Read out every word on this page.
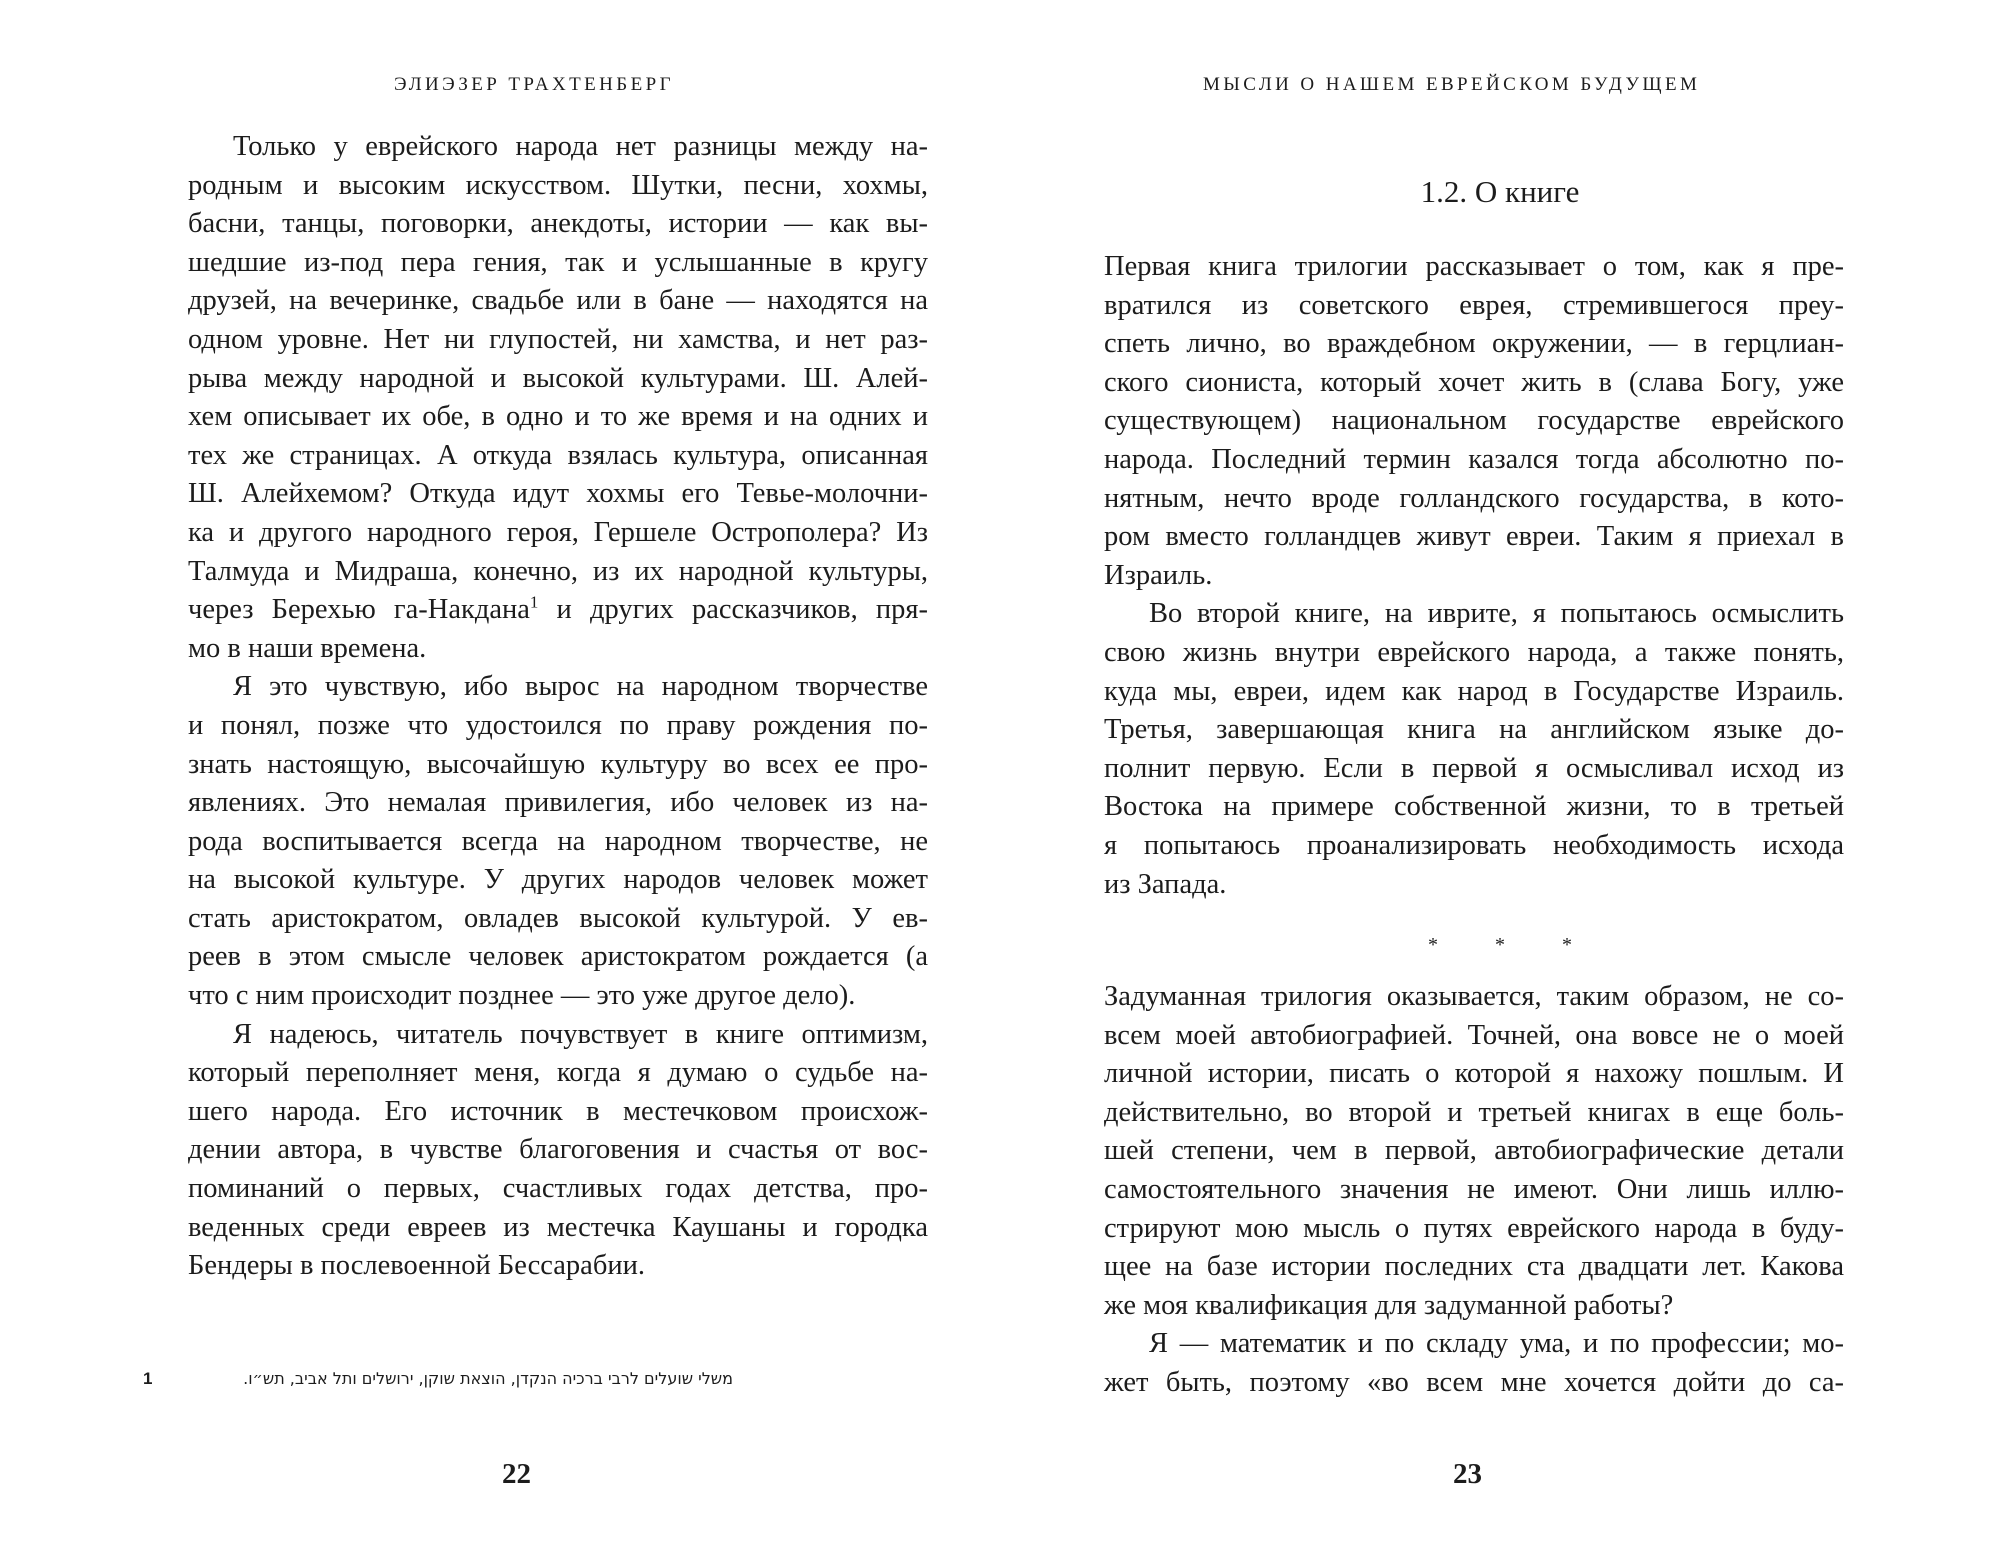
ЭЛИЭЗЕР ТРАХТЕНБЕРГ

Только у еврейского народа нет разницы между на-
родным и высоким искусством. Шутки, песни, хохмы,
басни, танцы, поговорки, анекдоты, истории — как вы-
шедшие из-под пера гения, так и услышанные в кругу
друзей, на вечеринке, свадьбе или в бане — находятся на
одном уровне. Нет ни глупостей, ни хамства, и нет раз-
рыва между народной и высокой культурами. Ш. Алей-
хем описывает их обе, в одно и то же время и на одних и
тех же страницах. А откуда взялась культура, описанная
Ш. Алейхемом? Откуда идут хохмы его Тевье-молочни-
ка и другого народного героя, Гершеле Острополера? Из
Талмуда и Мидраша, конечно, из их народной культуры,
через Берехью га-Накдана$^1$ и других рассказчиков, пря-
мо в наши времена.

Я это чувствую, ибо вырос на народном творчестве
и понял, позже что удостоился по праву рождения по-
знать настоящую, высочайшую культуру во всех ее про-
явлениях. Это немалая привилегия, ибо человек из на-
рода воспитывается всегда на народном творчестве, не
на высокой культуре. У других народов человек может
стать аристократом, овладев высокой культурой. У ев-
реев в этом смысле человек аристократом рождается (а
что с ним происходит позднее — это уже другое дело).

Я надеюсь, читатель почувствует в книге оптимизм,
который переполняет меня, когда я думаю о судьбе на-
шего народа. Его источник в местечковом происхож-
дении автора, в чувстве благоговения и счастья от вос-
поминаний о первых, счастливых годах детства, про-
веденных среди евреев из местечка Каушаны и городка
Бендеры в послевоенной Бессарабии.

1	משלי שועלים לרבי ברכיה הנקדן, הוצאת שוקן, ירושלים ותל אביב, תש״ו.
22
МЫСЛИ О НАШЕМ ЕВРЕЙСКОМ БУДУЩЕМ
1.2. О книге

Первая книга трилогии рассказывает о том, как я пре-
вратился из советского еврея, стремившегося преу-
спеть лично, во враждебном окружении, — в герцлиан-
ского сиониста, который хочет жить в (слава Богу, уже
существующем) национальном государстве еврейского
народа. Последний термин казался тогда абсолютно по-
нятным, нечто вроде голландского государства, в кото-
ром вместо голландцев живут евреи. Таким я приехал в
Израиль.

Во второй книге, на иврите, я попытаюсь осмыслить
свою жизнь внутри еврейского народа, а также понять,
куда мы, евреи, идем как народ в Государстве Израиль.
Третья, завершающая книга на английском языке до-
полнит первую. Если в первой я осмысливал исход из
Востока на примере собственной жизни, то в третьей
я попытаюсь проанализировать необходимость исхода
из Запада.

* * *

Задуманная трилогия оказывается, таким образом, не со-
всем моей автобиографией. Точней, она вовсе не о моей
личной истории, писать о которой я нахожу пошлым. И
действительно, во второй и третьей книгах в еще боль-
шей степени, чем в первой, автобиографические детали
самостоятельного значения не имеют. Они лишь иллю-
стрируют мою мысль о путях еврейского народа в буду-
щее на базе истории последних ста двадцати лет. Какова
же моя квалификация для задуманной работы?

Я — математик и по складу ума, и по профессии; мо-
жет быть, поэтому «во всем мне хочется дойти до са-

23
